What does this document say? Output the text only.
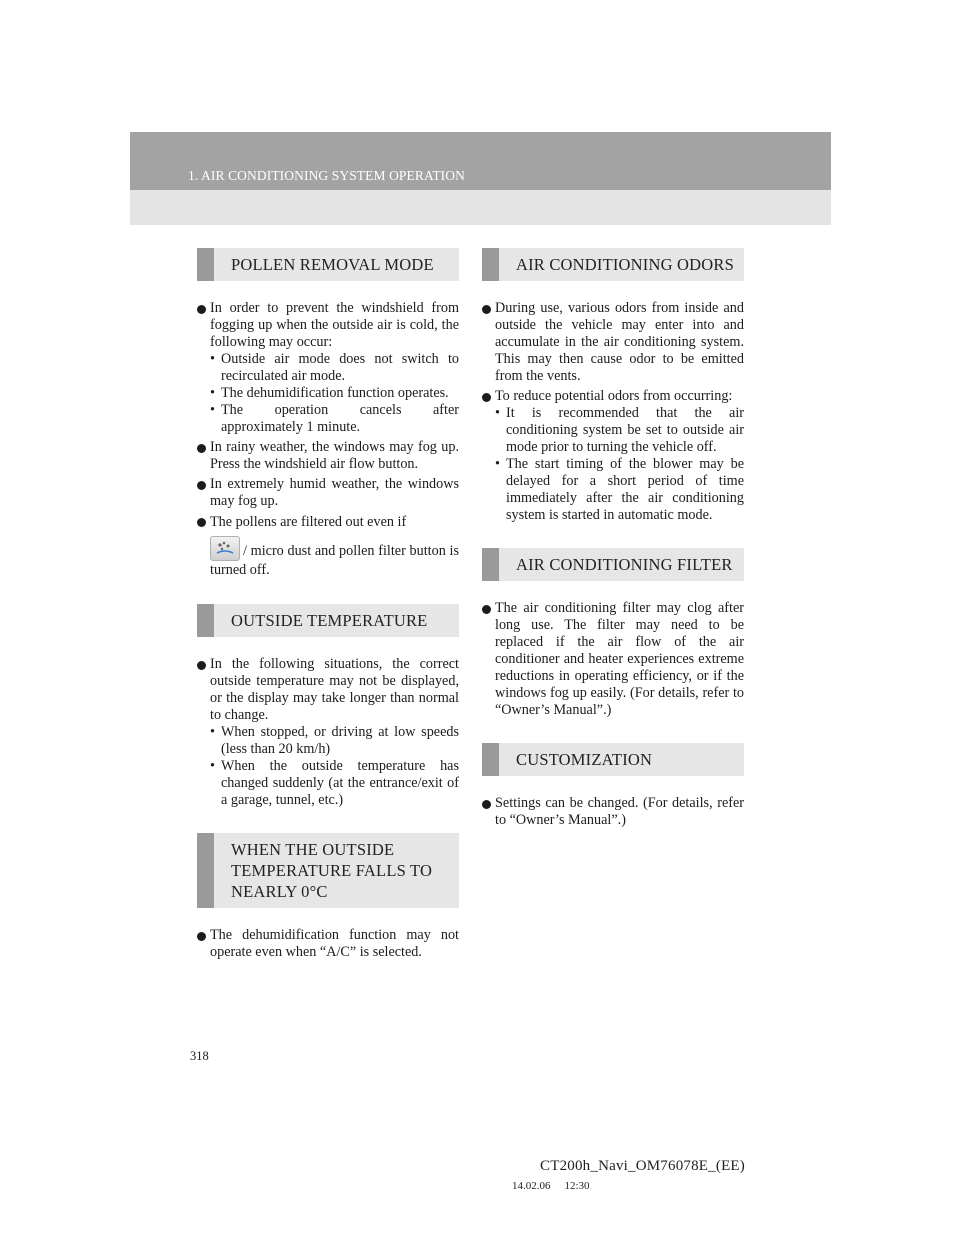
1. AIR CONDITIONING SYSTEM OPERATION
POLLEN REMOVAL MODE
In order to prevent the windshield from fogging up when the outside air is cold, the following may occur:
• Outside air mode does not switch to recirculated air mode.
• The dehumidification function operates.
• The operation cancels after approximately 1 minute.
In rainy weather, the windows may fog up. Press the windshield air flow button.
In extremely humid weather, the windows may fog up.
The pollens are filtered out even if
/ micro dust and pollen filter button is turned off.
OUTSIDE TEMPERATURE
In the following situations, the correct outside temperature may not be displayed, or the display may take longer than normal to change.
• When stopped, or driving at low speeds (less than 20 km/h)
• When the outside temperature has changed suddenly (at the entrance/exit of a garage, tunnel, etc.)
WHEN THE OUTSIDE
TEMPERATURE FALLS TO
NEARLY 0°C
The dehumidification function may not operate even when “A/C” is selected.
AIR CONDITIONING ODORS
During use, various odors from inside and outside the vehicle may enter into and accumulate in the air conditioning system. This may then cause odor to be emitted from the vents.
To reduce potential odors from occurring:
• It is recommended that the air conditioning system be set to outside air mode prior to turning the vehicle off.
• The start timing of the blower may be delayed for a short period of time immediately after the air conditioning system is started in automatic mode.
AIR CONDITIONING FILTER
The air conditioning filter may clog after long use. The filter may need to be replaced if the air flow of the air conditioner and heater experiences extreme reductions in operating efficiency, or if the windows fog up easily. (For details, refer to “Owner’s Manual”.)
CUSTOMIZATION
Settings can be changed. (For details, refer to “Owner’s Manual”.)
318
CT200h_Navi_OM76078E_(EE)
14.02.06 12:30
